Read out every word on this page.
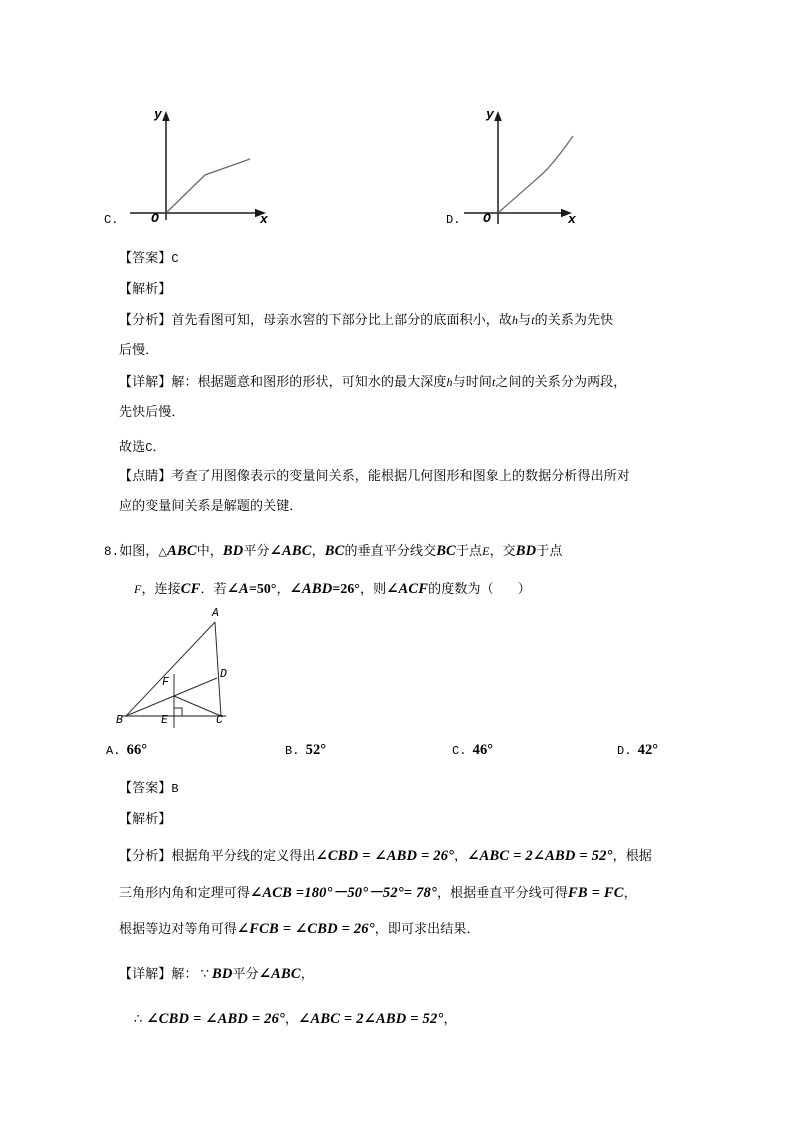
y
x
O
C.
y
x
O
D.
【答案】C
【解析】
【分析】首先看图可知，母亲水窖的下部分比上部分的底面积小，故h与t的关系为先快
后慢．
【详解】解：根据题意和图形的形状，可知水的最大深度h与时间t之间的关系分为两段，
先快后慢．
故选C．
【点睛】考查了用图像表示的变量间关系，能根据几何图形和图象上的数据分析得出所对
应的变量间关系是解题的关键．
8.如图，△ABC中，BD平分∠ABC，BC的垂直平分线交BC于点E，交BD于点
F，连接CF．若∠A=50°，∠ABD=26°，则∠ACF的度数为（ ）
A
D
F
B	E	C
A. 66°	B. 52°	C. 46°	D. 42°
【答案】B
【解析】
【分析】根据角平分线的定义得出∠CBD = ∠ABD = 26°，∠ABC = 2∠ABD = 52°，根据
三角形内角和定理可得∠ACB =180°－50°－52°= 78°，根据垂直平分线可得FB = FC，
根据等边对等角可得∠FCB = ∠CBD = 26°，即可求出结果．
【详解】解： ∵ BD平分∠ABC，
∴ ∠CBD = ∠ABD = 26°，∠ABC = 2∠ABD = 52°，
